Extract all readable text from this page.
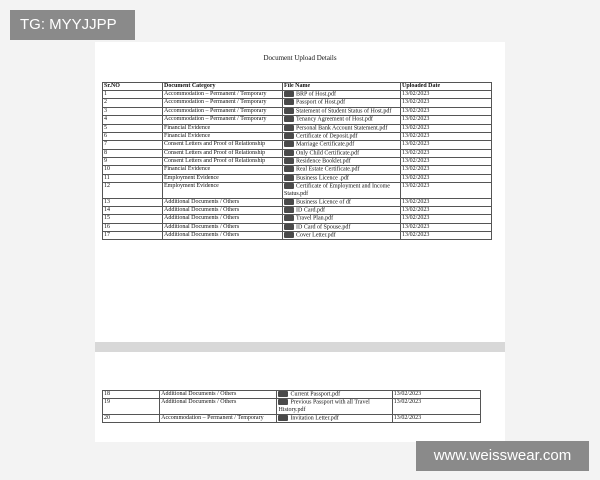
TG: MYYJJPP
Document Upload Details
Sr.NO	Document Category	File Name	Uploaded Date
1	Accommodation – Permanent / Temporary	BRP of Host.pdf	13/02/2023
2	Accommodation – Permanent / Temporary	Passport of Host.pdf	13/02/2023
3	Accommodation – Permanent / Temporary	Statement of Student Status of Host.pdf	13/02/2023
4	Accommodation – Permanent / Temporary	Tenancy Agreement of Host.pdf	13/02/2023
5	Financial Evidence	Personal Bank Account Statement.pdf	13/02/2023
6	Financial Evidence	Certificate of Deposit.pdf	13/02/2023
7	Consent Letters and Proof of Relationship	Marriage Certificate.pdf	13/02/2023
8	Consent Letters and Proof of Relationship	Only Child Certificate.pdf	13/02/2023
9	Consent Letters and Proof of Relationship	Residence Booklet.pdf	13/02/2023
10	Financial Evidence	Real Estate Certificate.pdf	13/02/2023
11	Employment Evidence	Business Licence .pdf	13/02/2023
12	Employment Evidence	Certificate of Employment and Income Status.pdf	13/02/2023
13	Additional Documents / Others	Business Licence of df	13/02/2023
14	Additional Documents / Others	ID Card.pdf	13/02/2023
15	Additional Documents / Others	Travel Plan.pdf	13/02/2023
16	Additional Documents / Others	ID Card of Spouse.pdf	13/02/2023
17	Additional Documents / Others	Cover Letter.pdf	13/02/2023
18	Additional Documents / Others	Current Passport.pdf	13/02/2023
19	Additional Documents / Others	Previous Passport with all Travel History.pdf	13/02/2023
20	Accommodation – Permanent / Temporary	Invitation Letter.pdf	13/02/2023
www.weisswear.com
